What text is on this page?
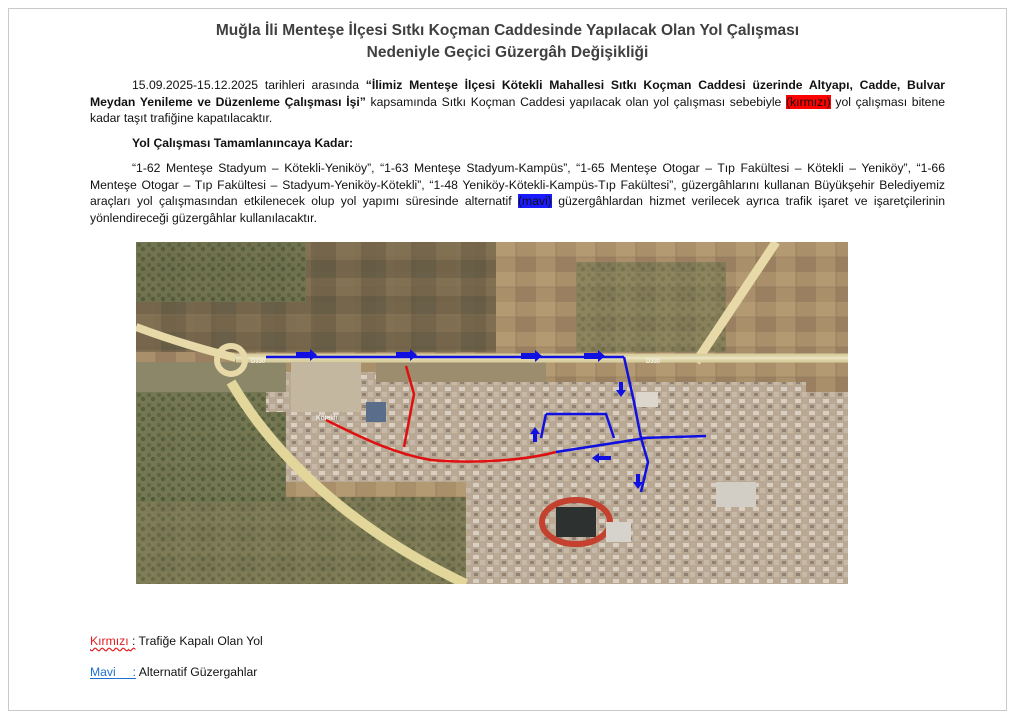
Muğla İli Menteşe İlçesi Sıtkı Koçman Caddesinde Yapılacak Olan Yol Çalışması
Nedeniyle Geçici Güzergâh Değişikliği
15.09.2025-15.12.2025 tarihleri arasında “İlimiz Menteşe İlçesi Kötekli Mahallesi Sıtkı Koçman Caddesi üzerinde Altyapı, Cadde, Bulvar Meydan Yenileme ve Düzenleme Çalışması İşi” kapsamında Sıtkı Koçman Caddesi yapılacak olan yol çalışması sebebiyle (kırmızı) yol çalışması bitene kadar taşıt trafiğine kapatılacaktır.
Yol Çalışması Tamamlanıncaya Kadar:
“1-62 Menteşe Stadyum – Kötekli-Yeniköy”, “1-63 Menteşe Stadyum-Kampüs”, “1-65 Menteşe Otogar – Tıp Fakültesi – Kötekli – Yeniköy”, “1-66 Menteşe Otogar – Tıp Fakültesi – Stadyum-Yeniköy-Kötekli”, “1-48 Yeniköy-Kötekli-Kampüs-Tıp Fakültesi”, güzergâhlarını kullanan Büyükşehir Belediyemiz araçları yol çalışmasından etkilenecek olup yol yapımı süresinde alternatif (mavi) güzergâhlardan hizmet verilecek ayrıca trafik işaret ve işaretçilerinin yönlendireceği güzergâhlar kullanılacaktır.
Kötekli
D330	D330
Kırmızı : Trafiğe Kapalı Olan Yol
Mavi     : Alternatif Güzergahlar
